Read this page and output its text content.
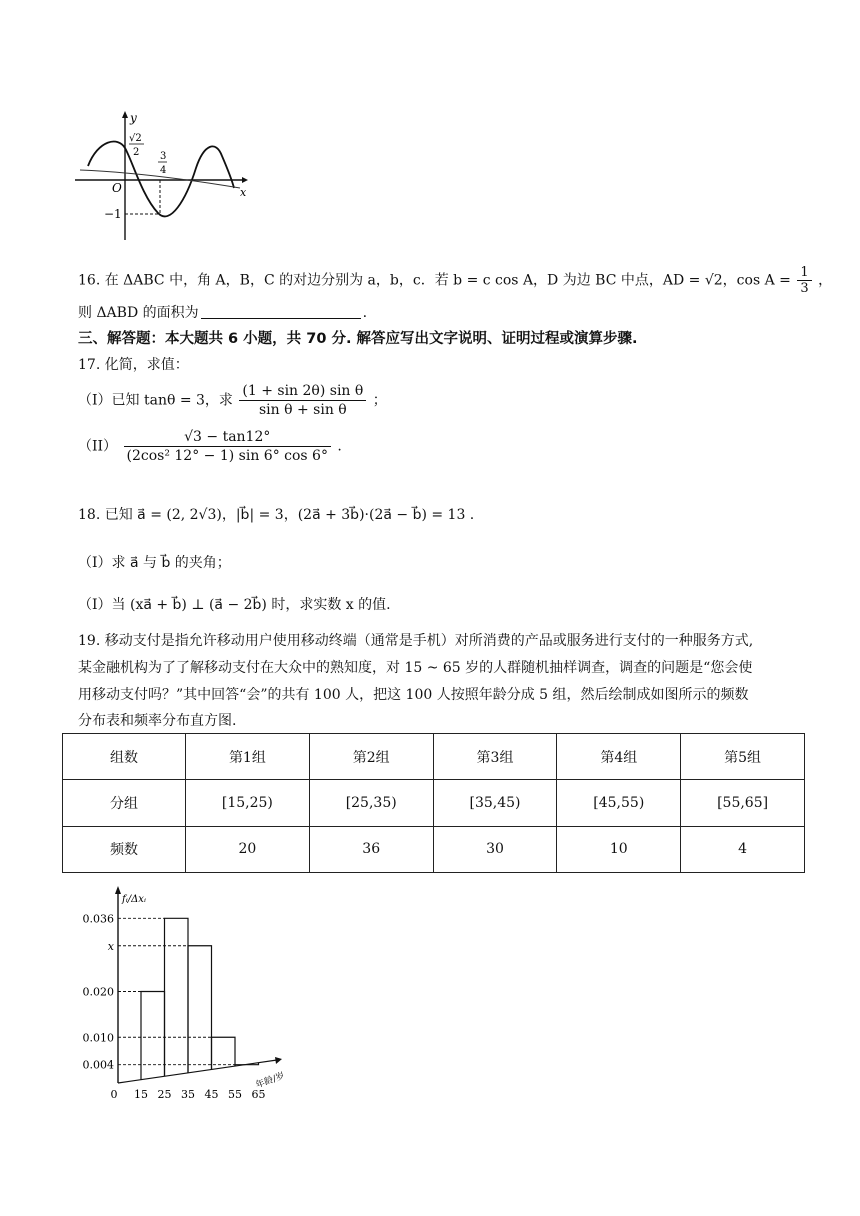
y
√2
2 3
4
O
−1
x
16. 在 ΔABC 中，角 A，B，C 的对边分别为 a，b，c．若 b = c cos A，D 为边 BC 中点，AD = √2，$\cos A = \frac{1}{3}$ ，
则 ΔABD 的面积为	.
三、解答题：本大题共 6 小题，共 70 分. 解答应写出文字说明、证明过程或演算步骤.
17. 化简，求值：
（I）已知 tanθ = 3，求 $\frac{\text{(1 + sin 2θ) sin θ}}{\text{sin θ + sin θ}}$ ；
$(II) \frac{√3 - \tan 12^\circ}{\text{(2cos² 12° − 1) sin 6° cos 6°}}$ .
18. 已知 a⃗ = (2, 2√3)，|b⃗| = 3，(2a⃗ + 3b⃗)·(2a⃗ − b⃗) = 13 .
（I）求 a⃗ 与 b⃗ 的夹角；
（I）当 (xa⃗ + b⃗) ⊥ (a⃗ − 2b⃗) 时，求实数 x 的值.
19. 移动支付是指允许移动用户使用移动终端（通常是手机）对所消费的产品或服务进行支付的一种服务方式,
某金融机构为了了解移动支付在大众中的熟知度，对 15 ~ 65 岁的人群随机抽样调查，调查的问题是“您会使
用移动支付吗？”其中回答“会”的共有 100 人，把这 100 人按照年龄分成 5 组，然后绘制成如图所示的频数
分布表和频率分布直方图.
组数	第1组	第2组	第3组	第4组	第5组
分组	[15,25)	[25,35)	[35,45)	[45,55)	[55,65]
频数	20	36	30	10	4
fᵢ/Δxᵢ
年龄/岁
0.036
x
0.020
0.010
0.004
0 15 25 35 45 55 65
